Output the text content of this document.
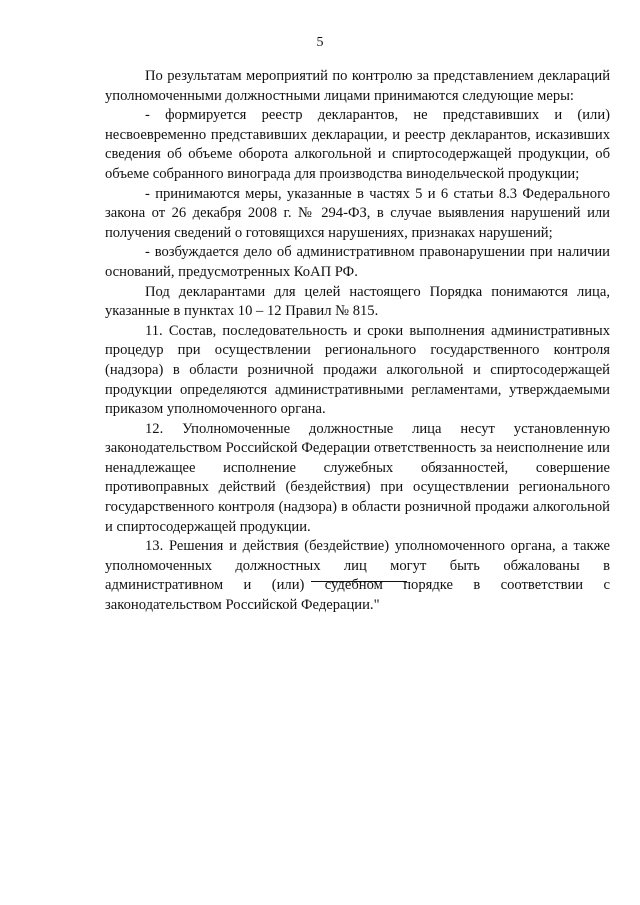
5

По результатам мероприятий по контролю за представлением деклараций уполномоченными должностными лицами принимаются следующие меры:

- формируется реестр декларантов, не представивших и (или) несвоевременно представивших декларации, и реестр декларантов, исказивших сведения об объеме оборота алкогольной и спиртосодержащей продукции, об объеме собранного винограда для производства винодельческой продукции;

- принимаются меры, указанные в частях 5 и 6 статьи 8.3 Федерального закона от 26 декабря 2008 г. № 294-ФЗ, в случае выявления нарушений или получения сведений о готовящихся нарушениях, признаках нарушений;

- возбуждается дело об административном правонарушении при наличии оснований, предусмотренных КоАП РФ.

Под декларантами для целей настоящего Порядка понимаются лица, указанные в пунктах 10 – 12 Правил № 815.

11. Состав, последовательность и сроки выполнения административных процедур при осуществлении регионального государственного контроля (надзора) в области розничной продажи алкогольной и спиртосодержащей продукции определяются административными регламентами, утверждаемыми приказом уполномоченного органа.

12. Уполномоченные должностные лица несут установленную законодательством Российской Федерации ответственность за неисполнение или ненадлежащее исполнение служебных обязанностей, совершение противоправных действий (бездействия) при осуществлении регионального государственного контроля (надзора) в области розничной продажи алкогольной и спиртосодержащей продукции.

13. Решения и действия (бездействие) уполномоченного органа, а также уполномоченных должностных лиц могут быть обжалованы в административном и (или) судебном порядке в соответствии с законодательством Российской Федерации."
